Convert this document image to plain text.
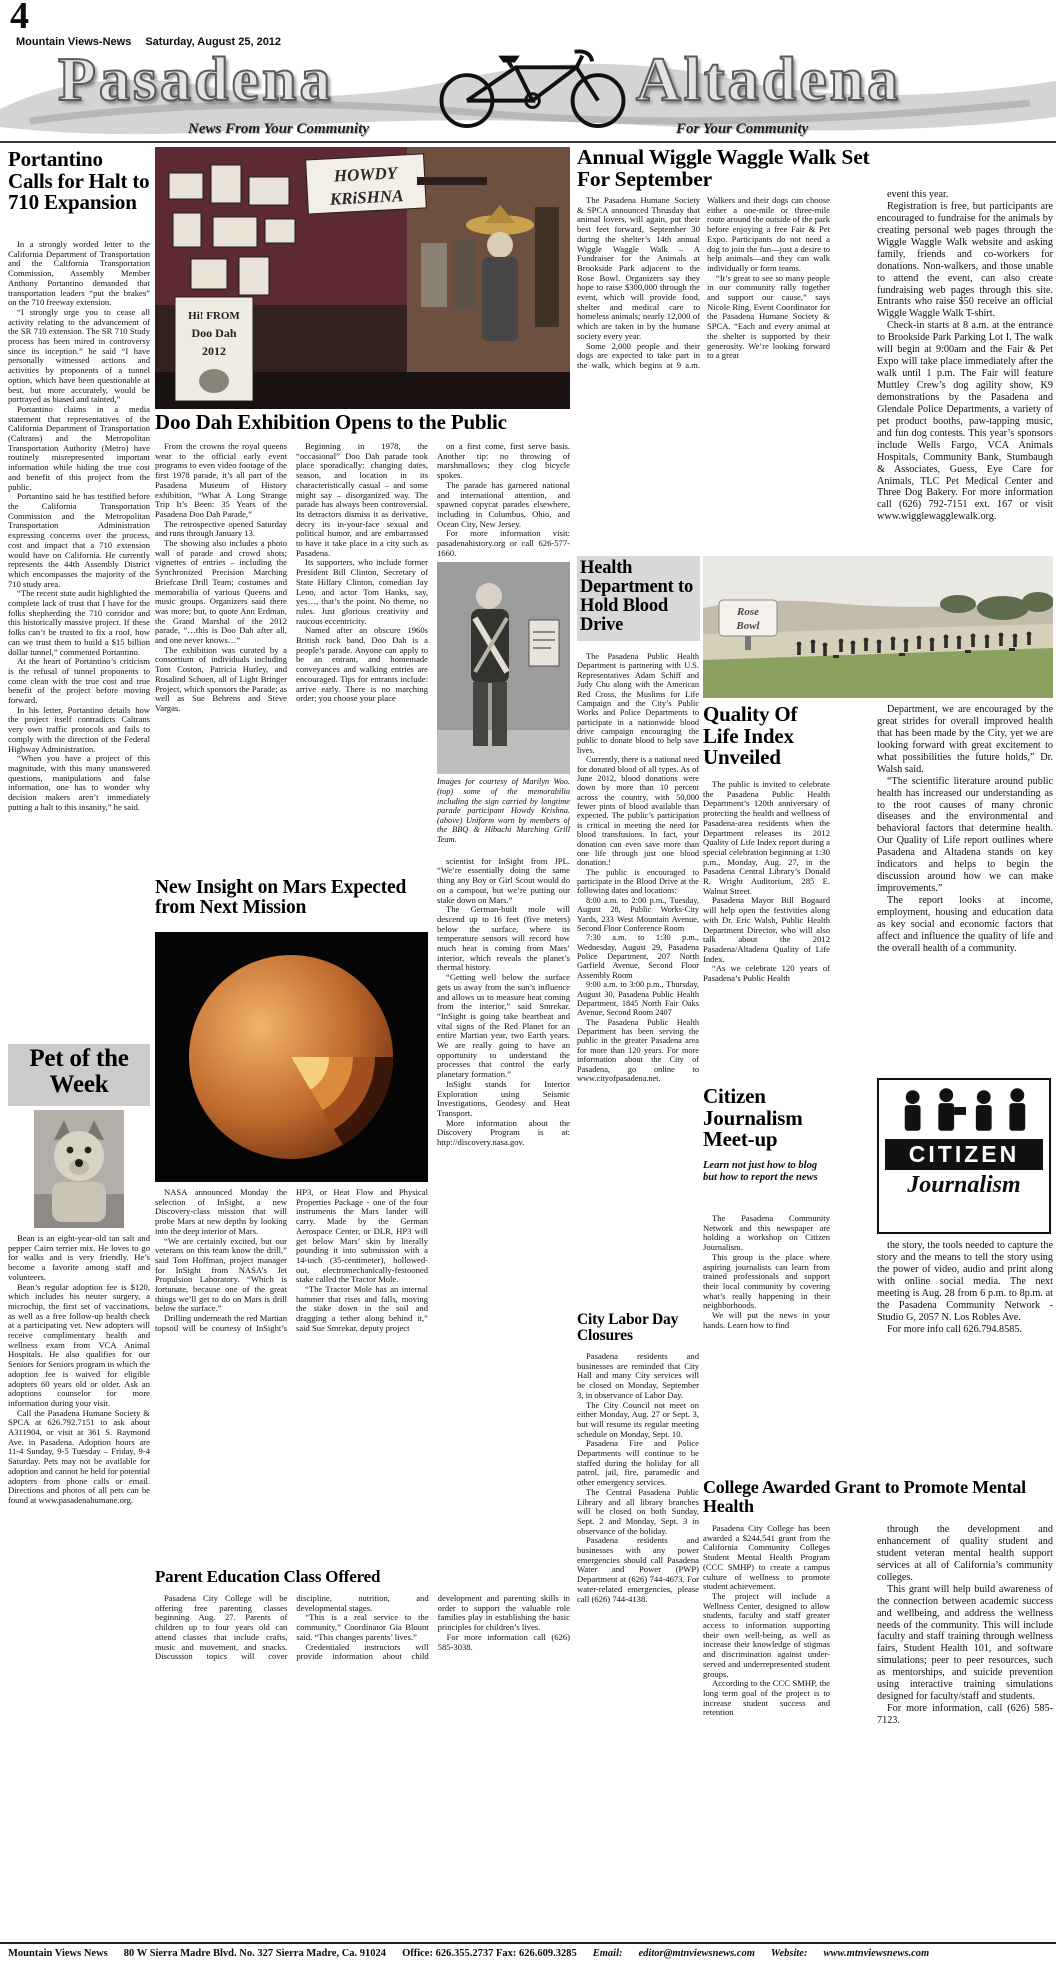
4
Mountain Views-News Saturday, August 25, 2012
Pasadena	Altadena
News From Your Community	For Your Community
Portantino Calls for Halt to 710 Expansion

In a strongly worded letter to the California Department of Transportation and the California Transportation Commission, Assembly Member Anthony Portantino demanded that transportation leaders “put the brakes” on the 710 freeway extension.

“I strongly urge you to cease all activity relating to the advancement of the SR 710 extension. The SR 710 Study process has been mired in controversy since its inception.” he said “I have personally witnessed actions and activities by proponents of a tunnel option, which have been questionable at best, but more accurately, would be portrayed as biased and tainted,”

Portantino claims in a media statement that representatives of the California Department of Transportation (Caltrans) and the Metropolitan Transportation Authority (Metro) have routinely misrepresented important information while hiding the true cost and benefit of this project from the public.

Portantino said he has testified before the California Transportation Commission and the Metropolitan Transportation Administration expressing concerns over the process, cost and impact that a 710 extension would have on California. He currently represents the 44th Assembly District which encompasses the majority of the 710 study area.

“The recent state audit highlighted the complete lack of trust that I have for the folks shepherding the 710 corridor and this historically massive project. If these folks can’t be trusted to fix a roof, how can we trust them to build a $15 billion dollar tunnel,” commented Portantino.

At the heart of Portantino’s criticism is the refusal of tunnel proponents to come clean with the true cost and true benefit of the project before moving forward.

In his letter, Portantino details how the project itself contradicts Caltrans very own traffic protocols and fails to comply with the direction of the Federal Highway Administration.

“When you have a project of this magnitude, with this many unanswered questions, manipulations and false information, one has to wonder why decision makers aren’t immediately putting a halt to this insanity,” he said.

Pet of the Week

Bean is an eight-year-old tan salt and pepper Cairn terrier mix. He loves to go for walks and is very friendly. He’s become a favorite among staff and volunteers.

Bean’s regular adoption fee is $120, which includes his neuter surgery, a microchip, the first set of vaccinations, as well as a free follow-up health check at a participating vet. New adopters will receive complimentary health and wellness exam from VCA Animal Hospitals. He also qualifies for our Seniors for Seniors program in which the adoption fee is waived for eligible adopters 60 years old or older. Ask an adoptions counselor for more information during your visit.

Call the Pasadena Humane Society & SPCA at 626.792.7151 to ask about A311904, or visit at 361 S. Raymond Ave. in Pasadena. Adoption hours are 11-4 Sunday, 9-5 Tuesday – Friday, 9-4 Saturday. Pets may not be available for adoption and cannot be held for potential adopters from phone calls or email. Directions and photos of all pets can be found at www.pasadenahumane.org.

HOWDY
KRiSHNA
Hi! FROM
Doo Dah
2012
Doo Dah Exhibition Opens to the Public

From the crowns the royal queens wear to the official early event programs to even video footage of the first 1978 parade, it’s all part of the Pasadena Museum of History exhibition, “What A Long Strange Trip It’s Been: 35 Years of the Pasadena Doo Dah Parade,”

The retrospective opened Saturday and runs through January 13.

The showing also includes a photo wall of parade and crowd shots; vignettes of entries – including the Synchronized Precision Marching Briefcase Drill Team; costumes and memorabilia of various Queens and music groups. Organizers said there was more; but, to quote Ann Erdman, the Grand Marshal of the 2012 parade, “…this is Doo Dah after all, and one never knows…”

The exhibition was curated by a consortium of individuals including Tom Coston, Patricia Hurley, and Rosalind Schoen, all of Light Bringer Project, which sponsors the Parade; as well as Sue Behrens and Steve Vargas.

Beginning in 1978, the “occasional” Doo Dah parade took place sporadically: changing dates, season, and location in its characteristically casual – and some might say – disorganized way. The parade has always been controversial. Its detractors dismiss it as derivative, decry its in-your-face sexual and political humor, and are embarrassed to have it take place in a city such as Pasadena.

Its supporters, who include former President Bill Clinton, Secretary of State Hillary Clinton, comedian Jay Leno, and actor Tom Hanks, say, yes…, that’s the point. No theme, no rules. Just glorious creativity and raucous eccentricity.

Named after an obscure 1960s British rock band, Doo Dah is a people’s parade. Anyone can apply to be an entrant, and homemade conveyances and walking entries are encouraged. Tips for entrants include: arrive early. There is no marching order; you choose your place

on a first come, first serve basis. Another tip: no throwing of marshmallows; they clog bicycle spokes.

The parade has garnered national and international attention, and spawned copycat parades elsewhere, including in Columbus, Ohio, and Ocean City, New Jersey.

For more information visit: pasadenahistory.org or call 626-577-1660.

Images for courtesy of Marilyn Woo. (top) some of the memorabilia including the sign carried by longtime parade participant Howdy Krishna. (above) Uniform worn by members of the BBQ & Hibachi Marching Grill Team.

scientist for InSight from JPL. “We’re essentially doing the same thing any Boy or Girl Scout would do on a campout, but we’re putting our stake down on Mars.”

The German-built mole will descend up to 16 feet (five meters) below the surface, where its temperature sensors will record how much heat is coming from Mars’ interior, which reveals the planet’s thermal history.

“Getting well below the surface gets us away from the sun’s influence and allows us to measure heat coming from the interior,” said Smrekar. “InSight is going take heartbeat and vital signs of the Red Planet for an entire Martian year, two Earth years. We are really going to have an opportunity to understand the processes that control the early planetary formation.”

InSight stands for Interior Exploration using Seismic Investigations, Geodesy and Heat Transport.

More information about the Discovery Program is at: http://discovery.nasa.gov.

New Insight on Mars Expected from Next Mission

NASA announced Monday the selection of InSight, a new Discovery-class mission that will probe Mars at new depths by looking into the deep interior of Mars.

“We are certainly excited, but our veterans on this team know the drill,” said Tom Hoffman, project manager for InSight from NASA’s Jet Propulsion Laboratory. “Which is fortunate, because one of the great things we’ll get to do on Mars is drill below the surface.”

Drilling underneath the red Martian topsoil will be courtesy of InSight’s HP3, or Heat Flow and Physical Properties Package - one of the four instruments the Mars lander will carry. Made by the German Aerospace Center, or DLR, HP3 will get below Mars’ skin by literally pounding it into submission with a 14-inch (35-centimeter), hollowed-out, electromechanically-festooned stake called the Tractor Mole.

“The Tractor Mole has an internal hammer that rises and falls, moving the stake down in the soil and dragging a tether along behind it,” said Sue Smrekar, deputy project

Parent Education Class Offered

Pasadena City College will be offering free parenting classes beginning Aug. 27. Parents of children up to four years old can attend classes that include crafts, music and movement, and snacks. Discussion topics will cover discipline, nutrition, and developmental stages.

“This is a real service to the community,” Coordinator Gia Blount said. “This changes parents’ lives.”

Credentialed instructors will provide information about child development and parenting skills in order to support the valuable role families play in establishing the basic principles for children’s lives.

For more information call (626) 585-3038.

Annual Wiggle Waggle Walk Set For September

The Pasadena Humane Society & SPCA announced Thrusday that animal lovers, will again, put their best feet forward, September 30 during the shelter’s 14th annual Wiggle Waggle Walk – A Fundraiser for the Animals at Brookside Park adjacent to the Rose Bowl. Organizers say they hope to raise $300,000 through the event, which will provide food, shelter and medical care to homeless animals; nearly 12,000 of which are taken in by the humane society every year.

Some 2,000 people and their dogs are expected to take part in the walk, which begins at 9 a.m. Walkers and their dogs can choose either a one-mile or three-mile route around the outside of the park before enjoying a free Fair & Pet Expo. Participants do not need a dog to join the fun—just a desire to help animals—and they can walk individually or form teams.

“It’s great to see so many people in our community rally together and support our cause,” says Nicole Ring, Event Coordinator for the Pasadena Humane Society & SPCA. “Each and every animal at the shelter is supported by their generosity. We’re looking forward to a great

event this year.

Registration is free, but participants are encouraged to fundraise for the animals by creating personal web pages through the Wiggle Waggle Walk website and asking family, friends and co-workers for donations. Non-walkers, and those unable to attend the event, can also create fundraising web pages through this site. Entrants who raise $50 receive an official Wiggle Waggle Walk T-shirt.

Check-in starts at 8 a.m. at the entrance to Brookside Park Parking Lot I. The walk will begin at 9:00am and the Fair & Pet Expo will take place immediately after the walk until 1 p.m. The Fair will feature Muttley Crew’s dog agility show, K9 demonstrations by the Pasadena and Glendale Police Departments, a variety of pet product booths, paw-tapping music, and fun dog contests. This year’s sponsors include Wells Fargo, VCA Animals Hospitals, Community Bank, Stumbaugh & Associates, Guess, Eye Care for Animals, TLC Pet Medical Center and Three Dog Bakery. For more information call (626) 792-7151 ext. 167 or visit www.wigglewagglewalk.org.

Rose
Bowl
Health Department to Hold Blood Drive

The Pasadena Public Health Department is partnering with U.S. Representatives Adam Schiff and Judy Chu along with the American Red Cross, the Muslims for Life Campaign and the City’s Public Works and Police Departments to participate in a nationwide blood drive campaign encouraging the public to donate blood to help save lives.

Currently, there is a national need for donated blood of all types. As of June 2012, blood donations were down by more than 10 percent across the country, with 50,000 fewer pints of blood available than expected. The public’s participation is critical in meeting the need for blood transfusions. In fact, your donation can even save more than one life through just one blood donation.!

The public is encouraged to participate in the Blood Drive at the following dates and locations:

8:00 a.m. to 2:00 p.m., Tuesday, August 28, Public Works-City Yards, 233 West Mountain Avenue, Second Floor Conference Room

7:30 a.m. to 1:30 p.m., Wednesday, August 29, Pasadena Police Department, 207 North Garfield Avenue, Second Floor Assembly Room

9:00 a.m. to 3:00 p.m., Thursday, August 30, Pasadena Public Health Department, 1845 North Fair Oaks Avenue, Second Room 2407

The Pasadena Public Health Department has been serving the public in the greater Pasadena area for more than 120 years. For more information about the City of Pasadena, go online to www.cityofpasadena.net.

City Labor Day Closures

Pasadena residents and businesses are reminded that City Hall and many City services will be closed on Monday, September 3, in observance of Labor Day.

The City Council not meet on either Monday, Aug. 27 or Sept. 3, but will resume its regular meeting schedule on Monday, Sept. 10.

Pasadena Fire and Police Departments will continue to be staffed during the holiday for all patrol, jail, fire, paramedic and other emergency services.

The Central Pasadena Public Library and all library branches will be closed on both Sunday, Sept. 2 and Monday, Sept. 3 in observance of the holiday.

Pasadena residents and businesses with any power emergencies should call Pasadena Water and Power (PWP) Department at (626) 744-4673. For water-related emergencies, please call (626) 744-4138.

Quality Of Life Index Unveiled

The public is invited to celebrate the Pasadena Public Health Department’s 120th anniversary of protecting the health and wellness of Pasadena-area residents when the Department releases its 2012 Quality of Life Index report during a special celebration beginning at 1:30 p.m., Monday, Aug. 27, in the Pasadena Central Library’s Donald R. Wright Auditorium, 285 E. Walnut Street.

Pasadena Mayor Bill Bogaard will help open the festivities along with Dr. Eric Walsh, Public Health Department Director, who will also talk about the 2012 Pasadena/Altadena Quality of Life Index.

“As we celebrate 120 years of Pasadena’s Public Health

Department, we are encouraged by the great strides for overall improved health that has been made by the City, yet we are looking forward with great excitement to what possibilities the future holds,” Dr. Walsh said.

“The scientific literature around public health has increased our understanding as to the root causes of many chronic diseases and the environmental and behavioral factors that determine health. Our Quality of Life report outlines where Pasadena and Altadena stands on key indicators and helps to begin the discussion around how we can make improvements.”

The report looks at income, employment, housing and education data as key social and economic factors that affect and influence the quality of life and the overall health of a community.

Citizen Journalism Meet-up
Learn not just how to blog but how to report the news

The Pasadena Community Network and this newspaper are holding a workshop on Citizen Journalism.

This group is the place where aspiring journalists can learn from trained professionals and support their local community by covering what’s really happening in their neighborhoods.

We will put the news in your hands. Learn how to find

CITIZEN
Journalism

the story, the tools needed to capture the story and the means to tell the story using the power of video, audio and print along with online social media. The next meeting is Aug. 28 from 6 p.m. to 8p.m. at the Pasadena Community Network - Studio G, 2057 N. Los Robles Ave.

For more info call 626.794.8585.

College Awarded Grant to Promote Mental Health

Pasadena City College has been awarded a $244,541 grant from the California Community Colleges Student Mental Health Program (CCC SMHP) to create a campus culture of wellness to promote student achievement.

The project will include a Wellness Center, designed to allow students, faculty and staff greater access to information supporting their own well-being, as well as increase their knowledge of stigmas and discrimination against under-served and underrepresented student groups.

According to the CCC SMHP, the long term goal of the project is to increase student success and retention

through the development and enhancement of quality student and student veteran mental health support services at all of California’s community colleges.

This grant will help build awareness of the connection between academic success and wellbeing, and address the wellness needs of the community. This will include faculty and staff training through wellness fairs, Student Health 101, and software simulations; peer to peer resources, such as mentorships, and suicide prevention using interactive training simulations designed for faculty/staff and students.

For more information, call (626) 585-7123.

Mountain Views News 80 W Sierra Madre Blvd. No. 327 Sierra Madre, Ca. 91024 Office: 626.355.2737 Fax: 626.609.3285 Email: editor@mtnviewsnews.com Website: www.mtnviewsnews.com
